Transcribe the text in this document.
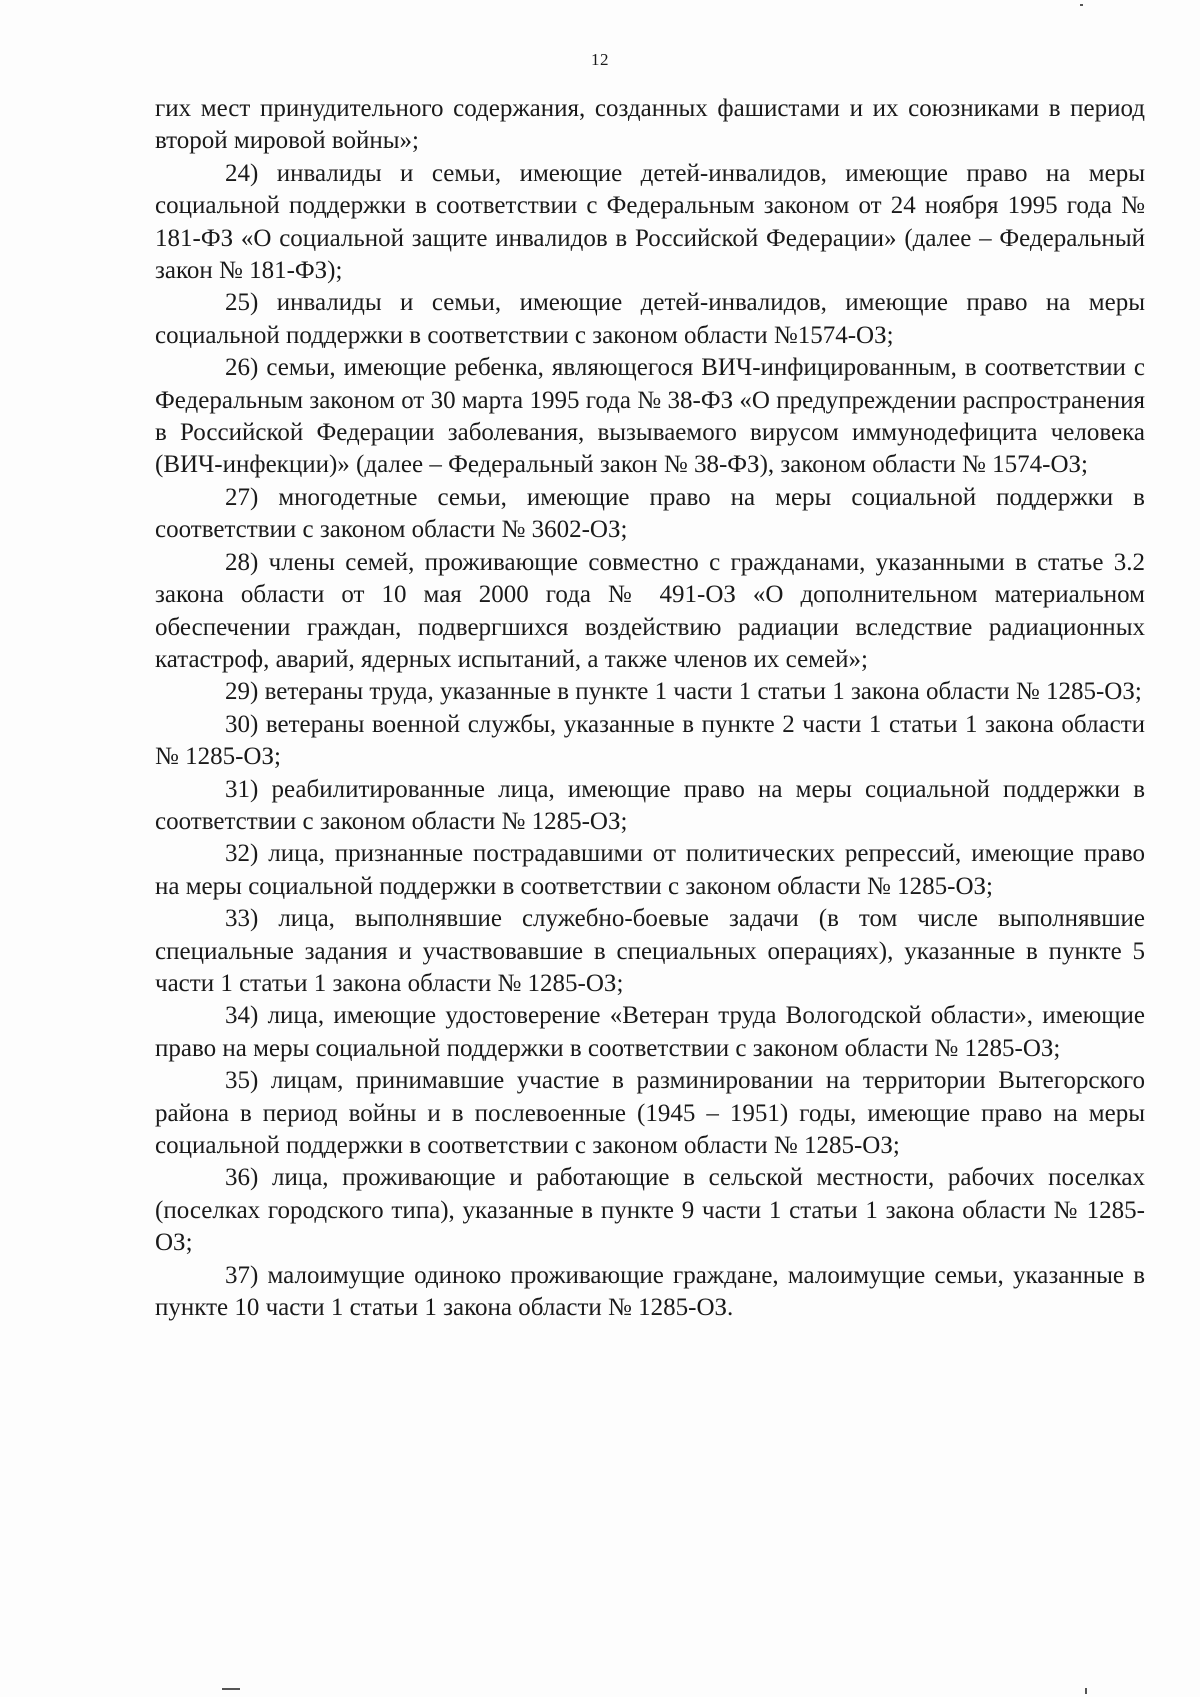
12

гих мест принудительного содержания, созданных фашистами и их союзниками в период второй мировой войны»;

24) инвалиды и семьи, имеющие детей-инвалидов, имеющие право на меры социальной поддержки в соответствии с Федеральным законом от 24 ноября 1995 года № 181-ФЗ «О социальной защите инвалидов в Российской Федерации» (далее – Федеральный закон № 181-ФЗ);

25) инвалиды и семьи, имеющие детей-инвалидов, имеющие право на меры социальной поддержки в соответствии с законом области №1574-ОЗ;

26) семьи, имеющие ребенка, являющегося ВИЧ-инфицированным, в соответствии с Федеральным законом от 30 марта 1995 года № 38-ФЗ «О предупреждении распространения в Российской Федерации заболевания, вызываемого вирусом иммунодефицита человека (ВИЧ-инфекции)» (далее – Федеральный закон № 38-ФЗ), законом области № 1574-ОЗ;

27) многодетные семьи, имеющие право на меры социальной поддержки в соответствии с законом области № 3602-ОЗ;

28) члены семей, проживающие совместно с гражданами, указанными в статье 3.2 закона области от 10 мая 2000 года № 491-ОЗ «О дополнительном материальном обеспечении граждан, подвергшихся воздействию радиации вследствие радиационных катастроф, аварий, ядерных испытаний, а также членов их семей»;

29) ветераны труда, указанные в пункте 1 части 1 статьи 1 закона области № 1285-ОЗ;

30) ветераны военной службы, указанные в пункте 2 части 1 статьи 1 закона области № 1285-ОЗ;

31) реабилитированные лица, имеющие право на меры социальной поддержки в соответствии с законом области № 1285-ОЗ;

32) лица, признанные пострадавшими от политических репрессий, имеющие право на меры социальной поддержки в соответствии с законом области № 1285-ОЗ;

33) лица, выполнявшие служебно-боевые задачи (в том числе выполнявшие специальные задания и участвовавшие в специальных операциях), указанные в пункте 5 части 1 статьи 1 закона области № 1285-ОЗ;

34) лица, имеющие удостоверение «Ветеран труда Вологодской области», имеющие право на меры социальной поддержки в соответствии с законом области № 1285-ОЗ;

35) лицам, принимавшие участие в разминировании на территории Вытегорского района в период войны и в послевоенные (1945 – 1951) годы, имеющие право на меры социальной поддержки в соответствии с законом области № 1285-ОЗ;

36) лица, проживающие и работающие в сельской местности, рабочих поселках (поселках городского типа), указанные в пункте 9 части 1 статьи 1 закона области № 1285-ОЗ;

37) малоимущие одиноко проживающие граждане, малоимущие семьи, указанные в пункте 10 части 1 статьи 1 закона области № 1285-ОЗ.
